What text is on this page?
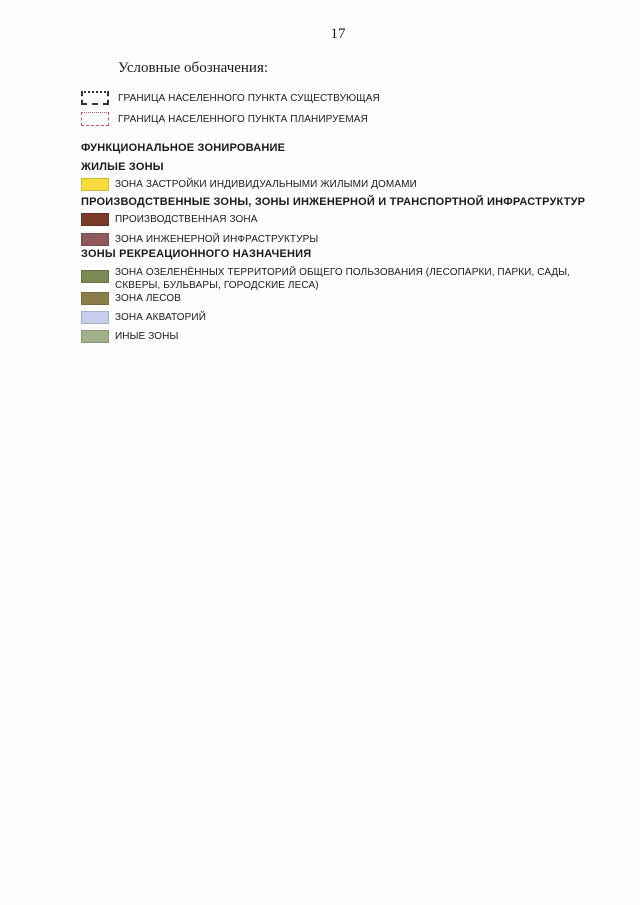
17
Условные обозначения:
ГРАНИЦА НАСЕЛЕННОГО ПУНКТА СУЩЕСТВУЮЩАЯ
ГРАНИЦА НАСЕЛЕННОГО ПУНКТА ПЛАНИРУЕМАЯ
ФУНКЦИОНАЛЬНОЕ ЗОНИРОВАНИЕ
ЖИЛЫЕ ЗОНЫ
ЗОНА ЗАСТРОЙКИ ИНДИВИДУАЛЬНЫМИ ЖИЛЫМИ ДОМАМИ
ПРОИЗВОДСТВЕННЫЕ ЗОНЫ, ЗОНЫ ИНЖЕНЕРНОЙ И ТРАНСПОРТНОЙ ИНФРАСТРУКТУР
ПРОИЗВОДСТВЕННАЯ ЗОНА
ЗОНА ИНЖЕНЕРНОЙ ИНФРАСТРУКТУРЫ
ЗОНЫ РЕКРЕАЦИОННОГО НАЗНАЧЕНИЯ
ЗОНА ОЗЕЛЕНЁННЫХ ТЕРРИТОРИЙ ОБЩЕГО ПОЛЬЗОВАНИЯ (ЛЕСОПАРКИ, ПАРКИ, САДЫ, СКВЕРЫ, БУЛЬВАРЫ, ГОРОДСКИЕ ЛЕСА)
ЗОНА ЛЕСОВ
ЗОНА АКВАТОРИЙ
ИНЫЕ ЗОНЫ
